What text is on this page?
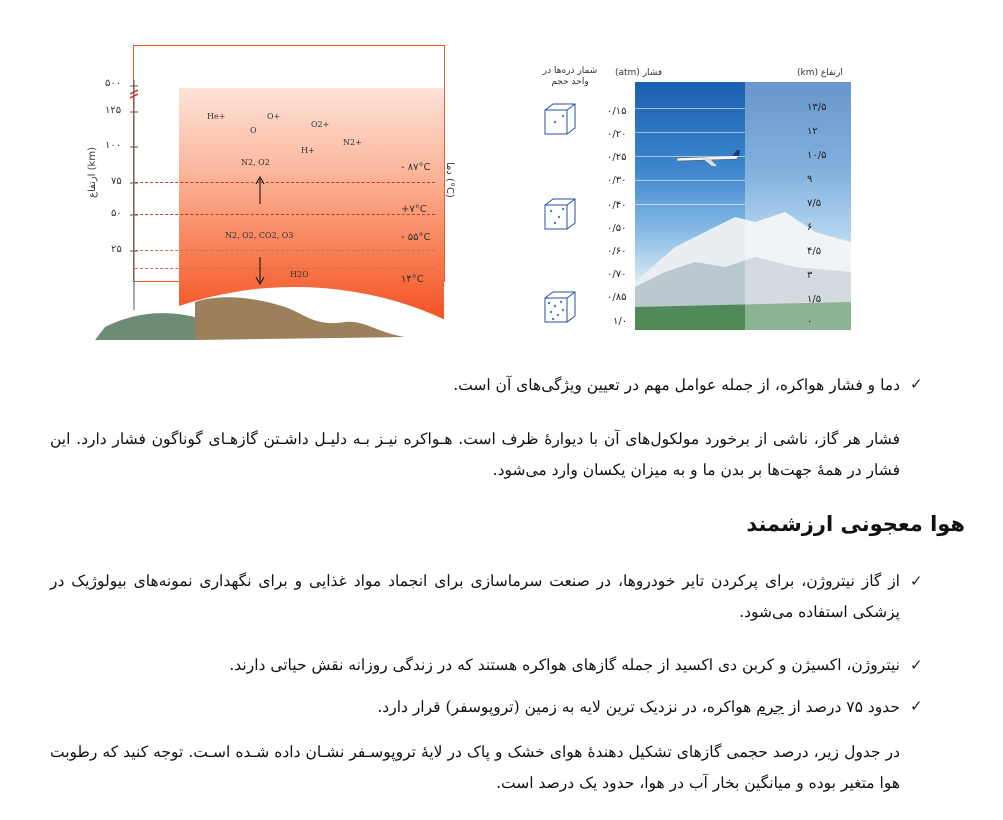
۵۰۰
۱۲۵
۱۰۰
۷۵
۵۰
۲۵
ارتفاع (km)
He+
O
O+
O2+
H+
N2+
N2, O2
N2, O2, CO2, O3
H2O
- ۸۷°C
+۷°C
- ۵۵°C
۱۴°C
دما (°C)
شمار ذره‌ها در واحد حجم
فشار (atm)	ارتفاع (km)
۰/۱۵
۰/۲۰
۰/۲۵
۰/۳۰
۰/۴۰
۰/۵۰
۰/۶۰
۰/۷۰
۰/۸۵
۱/۰
۱۳/۵
۱۲
۱۰/۵
۹
۷/۵
۶
۴/۵
۳
۱/۵
۰
✓
دما و فشار هواکره، از جمله عوامل مهم در تعیین ویژگی‌های آن است.
فشار هر گاز، ناشی از برخورد مولکول‌های آن با دیوارهٔ ظرف است. هـواکره نیـز بـه دلیـل داشـتن گازهـای گوناگون فشار دارد. این فشار در همهٔ جهت‌ها بر بدن ما و به میزان یکسان وارد می‌شود.
هوا معجونی ارزشمند
✓
از گاز نیتروژن، برای پرکردن تایر خودروها، در صنعت سرماسازی برای انجماد مواد غذایی و برای نگهداری نمونه‌های بیولوژیک در پزشکی استفاده می‌شود.
✓
نیتروژن، اکسیژن و کربن دی اکسید از جمله گازهای هواکره هستند که در زندگی روزانه نقش حیاتی دارند.
✓
حدود ۷۵ درصد از جرم هواکره، در نزدیک ترین لایه به زمین (تروپوسفر) قرار دارد.
در جدول زیر، درصد حجمی گازهای تشکیل دهندهٔ هوای خشک و پاک در لایهٔ تروپوسـفر نشـان داده شـده اسـت. توجه کنید که رطوبت هوا متغیر بوده و میانگین بخار آب در هوا، حدود یک درصد است.
